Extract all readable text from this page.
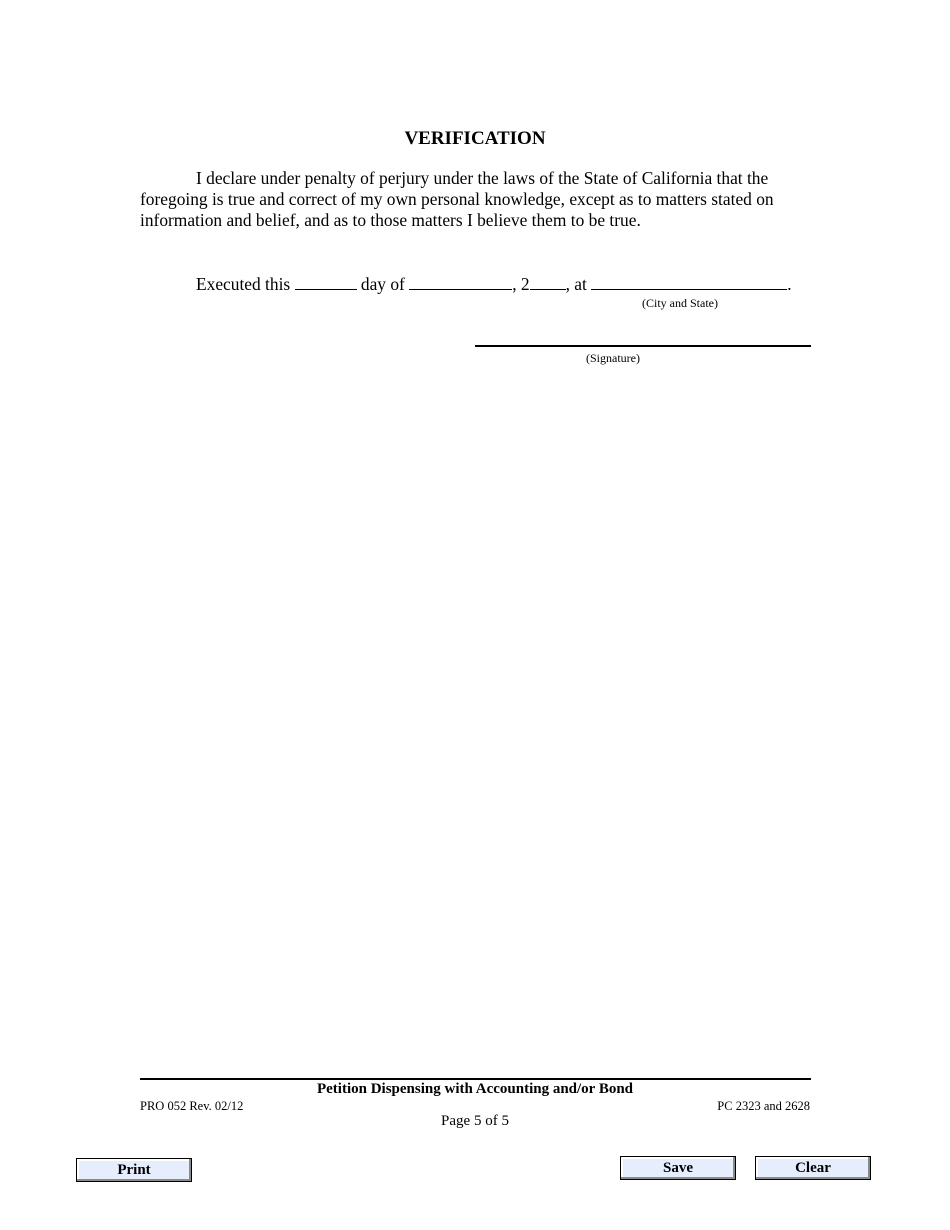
VERIFICATION
I declare under penalty of perjury under the laws of the State of California that the foregoing is true and correct of my own personal knowledge, except as to matters stated on information and belief, and as to those matters I believe them to be true.
Executed this	day of	, 2 , at	.
(City and State)
(Signature)
Petition Dispensing with Accounting and/or Bond
PRO 052 Rev. 02/12	PC 2323 and 2628
Page 5 of 5
Print	Save	Clear
